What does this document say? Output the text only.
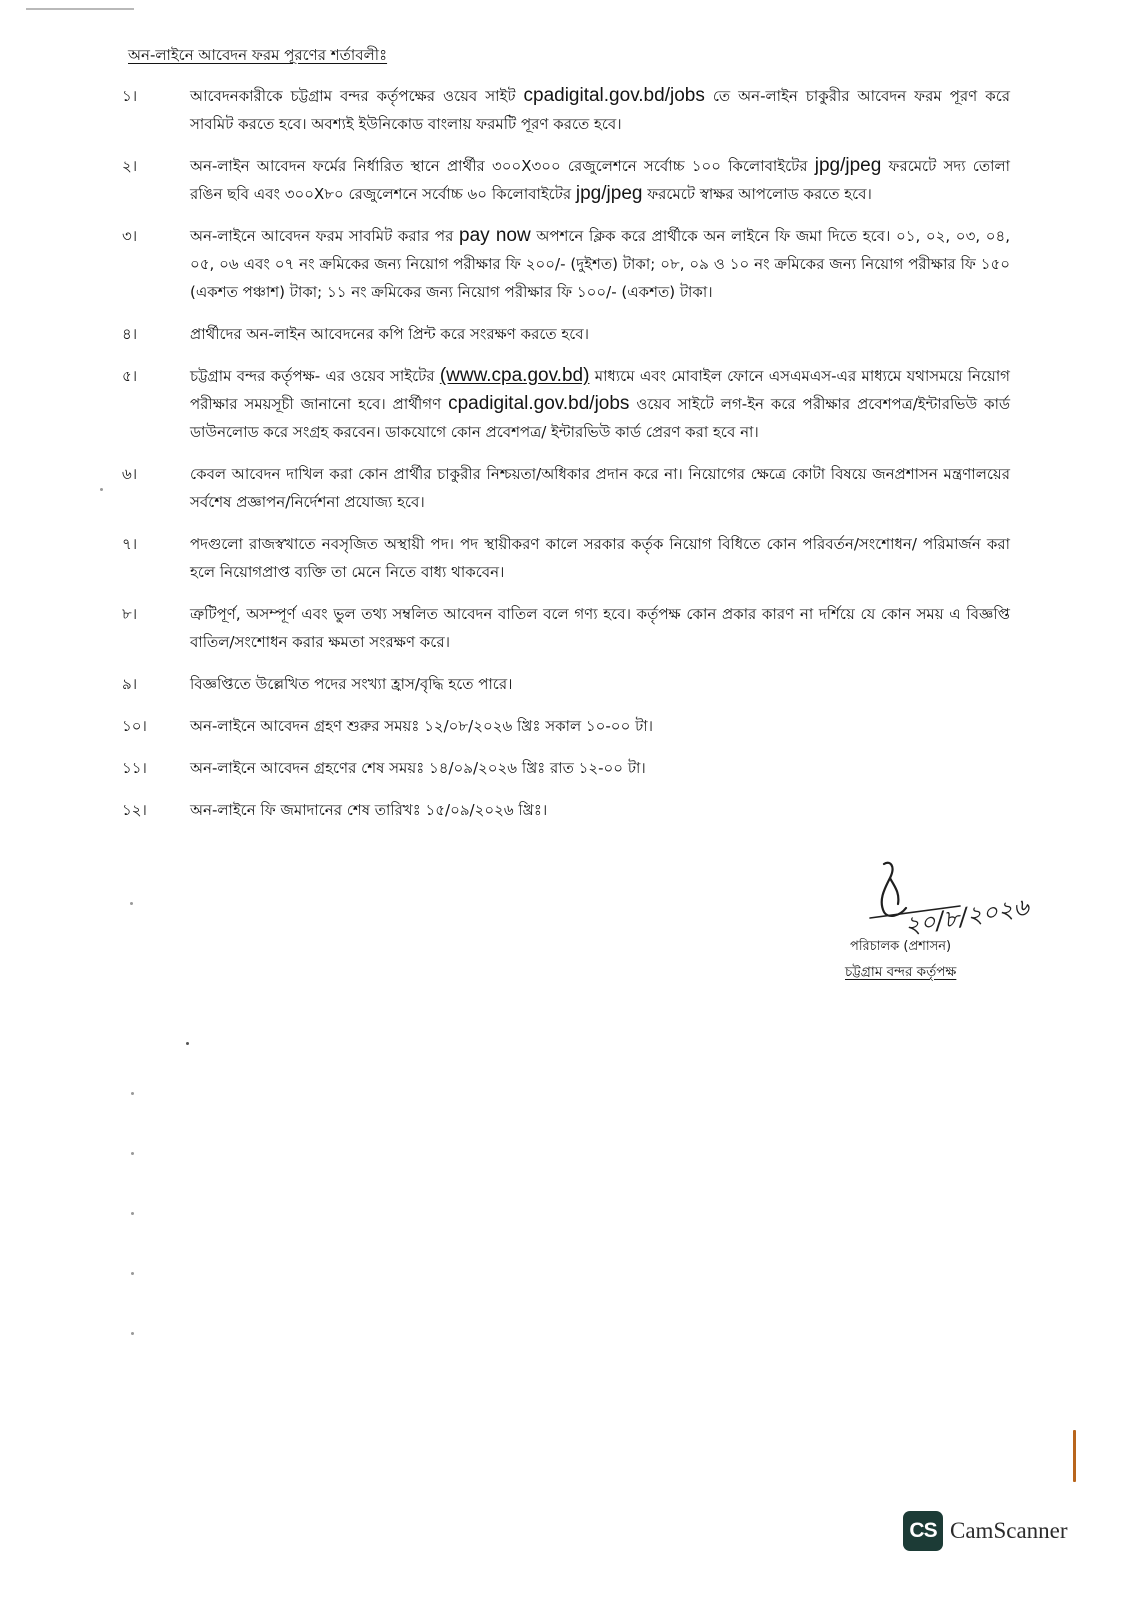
অন-লাইনে আবেদন ফরম পূরণের শর্তাবলীঃ
১।	আবেদনকারীকে চট্টগ্রাম বন্দর কর্তৃপক্ষের ওয়েব সাইট cpadigital.gov.bd/jobs তে অন-লাইন চাকুরীর আবেদন ফরম পূরণ করে সাবমিট করতে হবে। অবশ্যই ইউনিকোড বাংলায় ফরমটি পূরণ করতে হবে।
২।	অন-লাইন আবেদন ফর্মের নির্ধারিত স্থানে প্রার্থীর ৩০০X৩০০ রেজুলেশনে সর্বোচ্চ ১০০ কিলোবাইটের jpg/jpeg ফরমেটে সদ্য তোলা রঙিন ছবি এবং ৩০০X৮০ রেজুলেশনে সর্বোচ্চ ৬০ কিলোবাইটের jpg/jpeg ফরমেটে স্বাক্ষর আপলোড করতে হবে।
৩।	অন-লাইনে আবেদন ফরম সাবমিট করার পর pay now অপশনে ক্লিক করে প্রার্থীকে অন লাইনে ফি জমা দিতে হবে। ০১, ০২, ০৩, ০৪, ০৫, ০৬ এবং ০৭ নং ক্রমিকের জন্য নিয়োগ পরীক্ষার ফি ২০০/- (দুইশত) টাকা; ০৮, ০৯ ও ১০ নং ক্রমিকের জন্য নিয়োগ পরীক্ষার ফি ১৫০ (একশত পঞ্চাশ) টাকা; ১১ নং ক্রমিকের জন্য নিয়োগ পরীক্ষার ফি ১০০/- (একশত) টাকা।
৪।	প্রার্থীদের অন-লাইন আবেদনের কপি প্রিন্ট করে সংরক্ষণ করতে হবে।
৫।	চট্টগ্রাম বন্দর কর্তৃপক্ষ- এর ওয়েব সাইটের (www.cpa.gov.bd) মাধ্যমে এবং মোবাইল ফোনে এসএমএস-এর মাধ্যমে যথাসময়ে নিয়োগ পরীক্ষার সময়সূচী জানানো হবে। প্রার্থীগণ cpadigital.gov.bd/jobs ওয়েব সাইটে লগ-ইন করে পরীক্ষার প্রবেশপত্র/ইন্টারভিউ কার্ড ডাউনলোড করে সংগ্রহ করবেন। ডাকযোগে কোন প্রবেশপত্র/ ইন্টারভিউ কার্ড প্রেরণ করা হবে না।
৬।	কেবল আবেদন দাখিল করা কোন প্রার্থীর চাকুরীর নিশ্চয়তা/অধিকার প্রদান করে না। নিয়োগের ক্ষেত্রে কোটা বিষয়ে জনপ্রশাসন মন্ত্রণালয়ের সর্বশেষ প্রজ্ঞাপন/নির্দেশনা প্রযোজ্য হবে।
৭।	পদগুলো রাজস্বখাতে নবসৃজিত অস্থায়ী পদ। পদ স্থায়ীকরণ কালে সরকার কর্তৃক নিয়োগ বিধিতে কোন পরিবর্তন/সংশোধন/ পরিমার্জন করা হলে নিয়োগপ্রাপ্ত ব্যক্তি তা মেনে নিতে বাধ্য থাকবেন।
৮।	ত্রুটিপূর্ণ, অসম্পূর্ণ এবং ভুল তথ্য সম্বলিত আবেদন বাতিল বলে গণ্য হবে। কর্তৃপক্ষ কোন প্রকার কারণ না দর্শিয়ে যে কোন সময় এ বিজ্ঞপ্তি বাতিল/সংশোধন করার ক্ষমতা সংরক্ষণ করে।
৯।	বিজ্ঞপ্তিতে উল্লেখিত পদের সংখ্যা হ্রাস/বৃদ্ধি হতে পারে।
১০।	অন-লাইনে আবেদন গ্রহণ শুরুর সময়ঃ ১২/০৮/২০২৬ খ্রিঃ সকাল ১০-০০ টা।
১১।	অন-লাইনে আবেদন গ্রহণের শেষ সময়ঃ ১৪/০৯/২০২৬ খ্রিঃ রাত ১২-০০ টা।
১২।	অন-লাইনে ফি জমাদানের শেষ তারিখঃ ১৫/০৯/২০২৬ খ্রিঃ।
২০/৮/২০২৬
পরিচালক (প্রশাসন)
চট্টগ্রাম বন্দর কর্তৃপক্ষ
CS CamScanner
